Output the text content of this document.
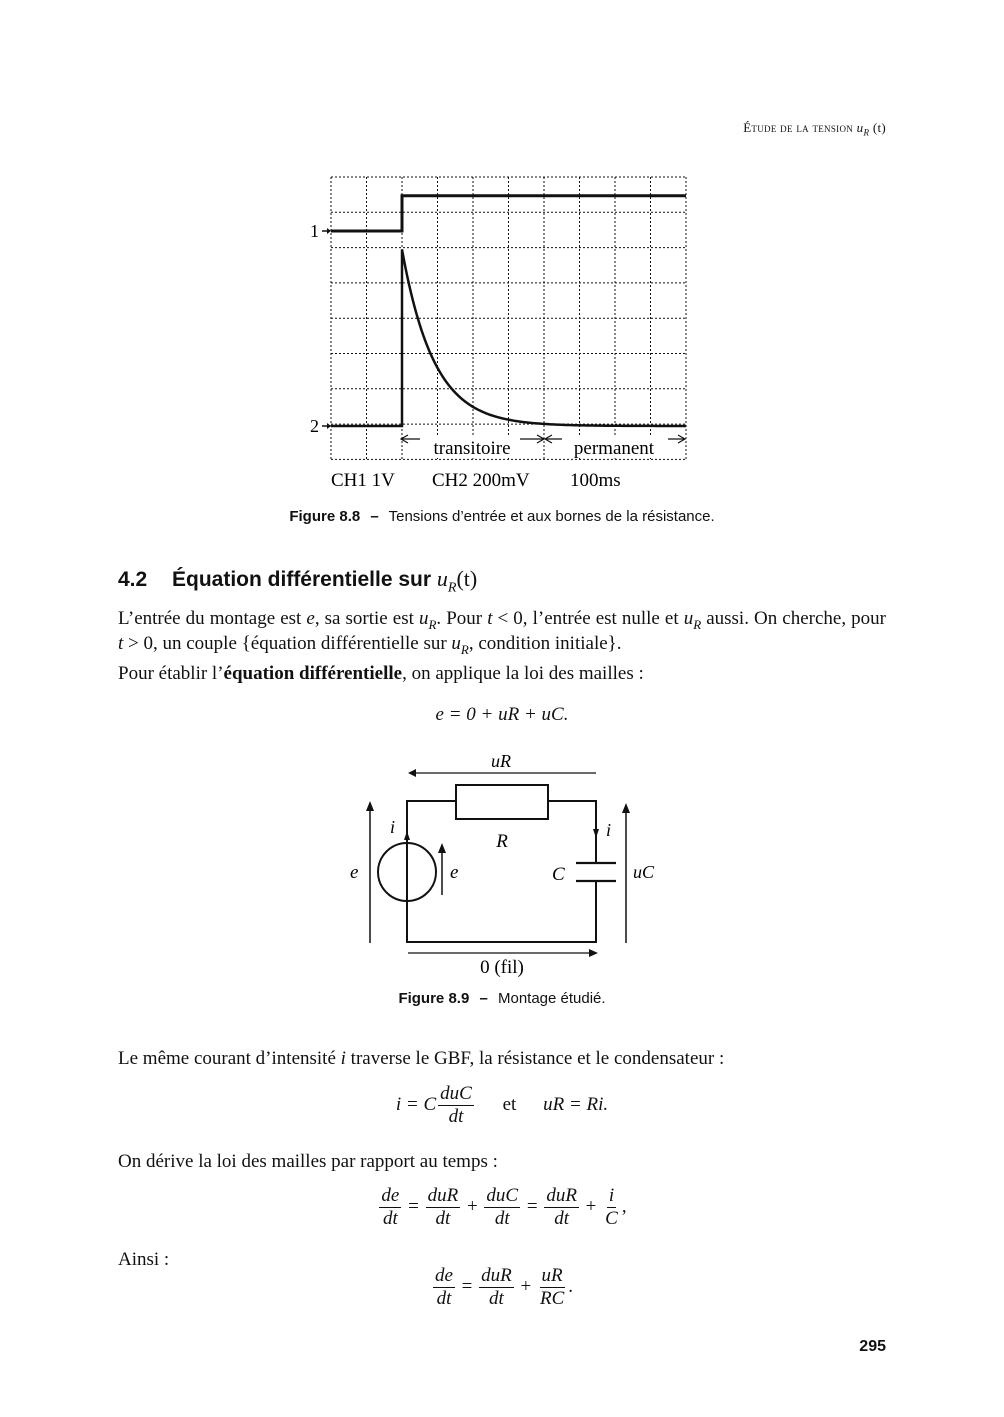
Étude de la tension $u_R$ (t)
1
2
transitoire	permanent
CH1 1V CH2 200mV 100ms
Figure 8.8 – Tensions d’entrée et aux bornes de la résistance.
4.2 Équation différentielle sur $u_R(t)$
L’entrée du montage est e, sa sortie est $u_R$. Pour t < 0, l’entrée est nulle et $u_R$ aussi. On cherche, pour t > 0, un couple {équation différentielle sur $u_R$, condition initiale}.
Pour établir l’équation différentielle, on applique la loi des mailles :
e = 0 + uR + uC.
uR
i	i
R
C
e	e	uC
0 (fil)
Figure 8.9 – Montage étudié.
Le même courant d’intensité i traverse le GBF, la résistance et le condensateur :
i = C $\frac{\text{duC}}{dt}$ et uR = Ri.
On dérive la loi des mailles par rapport au temps :
$\frac{de}{dt} = \frac{\text{duR}}{dt} + \frac{\text{duC}}{dt} = \frac{\text{duR}}{dt} + \frac{i}{C}$ ,
Ainsi :
$\frac{de}{dt} = \frac{\text{duR}}{dt} + \frac{uR}{RC}$ .
295
